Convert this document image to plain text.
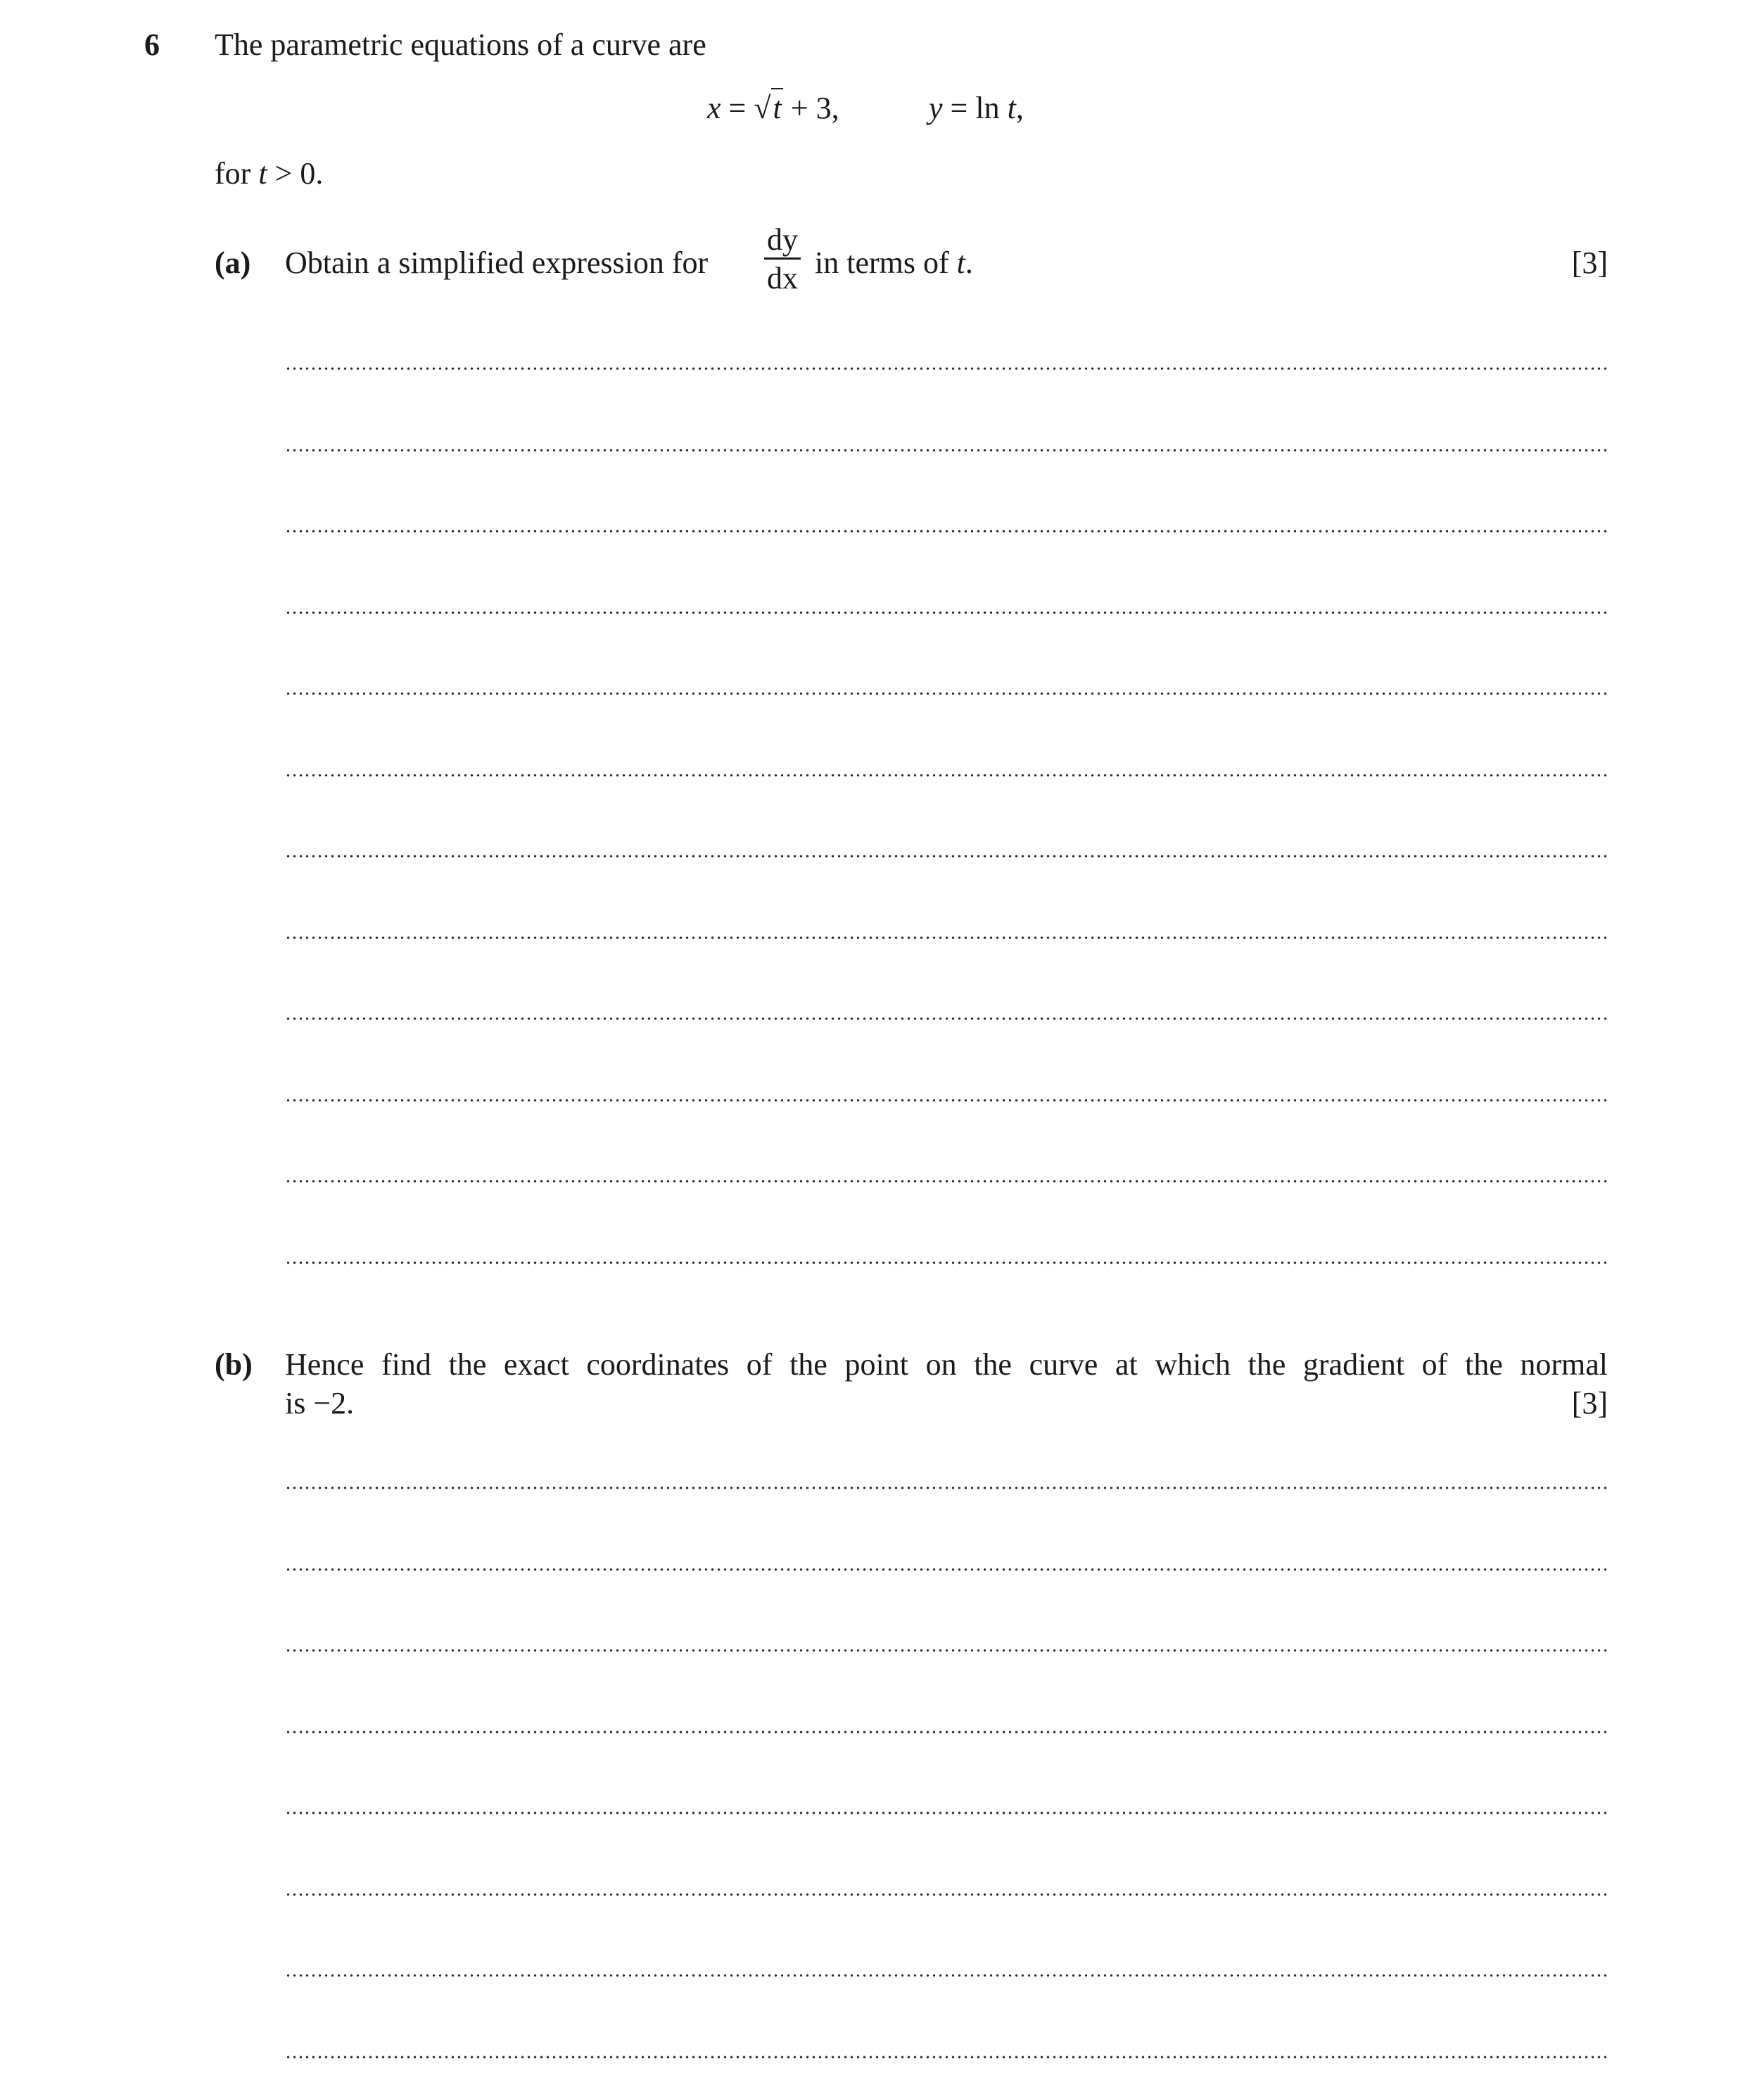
6 The parametric equations of a curve are
x = √t + 3,	y = ln t,
for t > 0.
(a) Obtain a simplified expression for
dy
dx in terms of t.	[3]
(b) Hence find the exact coordinates of the point on the curve at which the gradient of the normal
is −2.	[3]
